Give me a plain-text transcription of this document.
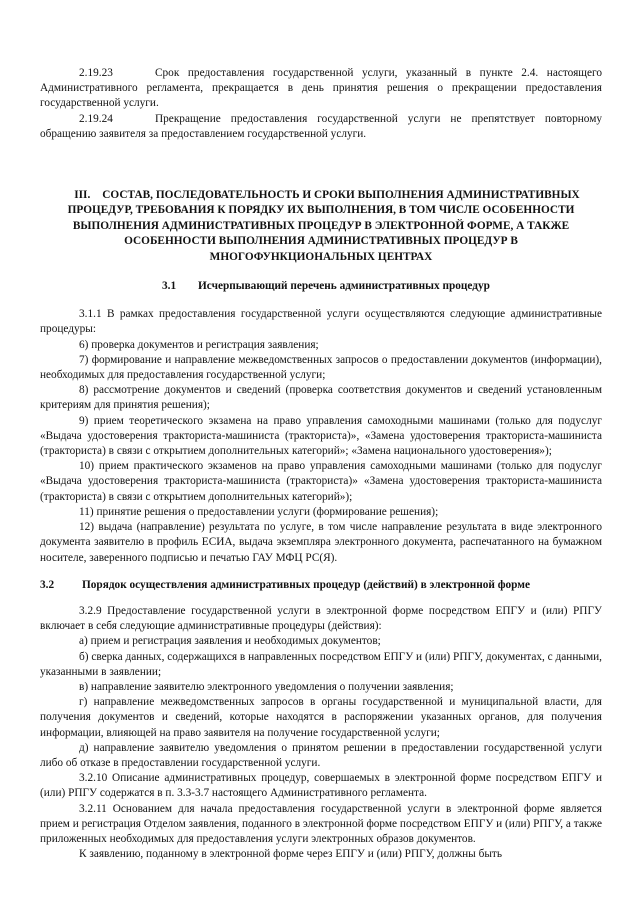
2.19.23	Срок предоставления государственной услуги, указанный в пункте 2.4. настоящего Административного регламента, прекращается в день принятия решения о прекращении предоставления государственной услуги.

2.19.24	Прекращение предоставления государственной услуги не препятствует повторному обращению заявителя за предоставлением государственной услуги.

III. СОСТАВ, ПОСЛЕДОВАТЕЛЬНОСТЬ И СРОКИ ВЫПОЛНЕНИЯ АДМИНИСТРАТИВНЫХ ПРОЦЕДУР, ТРЕБОВАНИЯ К ПОРЯДКУ ИХ ВЫПОЛНЕНИЯ, В ТОМ ЧИСЛЕ ОСОБЕННОСТИ ВЫПОЛНЕНИЯ АДМИНИСТРАТИВНЫХ ПРОЦЕДУР В ЭЛЕКТРОННОЙ ФОРМЕ, А ТАКЖЕ ОСОБЕННОСТИ ВЫПОЛНЕНИЯ АДМИНИСТРАТИВНЫХ ПРОЦЕДУР В МНОГОФУНКЦИОНАЛЬНЫХ ЦЕНТРАХ

3.1 Исчерпывающий перечень административных процедур

3.1.1 В рамках предоставления государственной услуги осуществляются следующие административные процедуры:

6) проверка документов и регистрация заявления;

7) формирование и направление межведомственных запросов о предоставлении документов (информации), необходимых для предоставления государственной услуги;

8) рассмотрение документов и сведений (проверка соответствия документов и сведений установленным критериям для принятия решения);

9) прием теоретического экзамена на право управления самоходными машинами (только для подуслуг «Выдача удостоверения тракториста-машиниста (тракториста)», «Замена удостоверения тракториста-машиниста (тракториста) в связи с открытием дополнительных категорий»; «Замена национального удостоверения»);

10) прием практического экзаменов на право управления самоходными машинами (только для подуслуг «Выдача удостоверения тракториста-машиниста (тракториста)» «Замена удостоверения тракториста-машиниста (тракториста) в связи с открытием дополнительных категорий»);

11) принятие решения о предоставлении услуги (формирование решения);

12) выдача (направление) результата по услуге, в том числе направление результата в виде электронного документа заявителю в профиль ЕСИА, выдача экземпляра электронного документа, распечатанного на бумажном носителе, заверенного подписью и печатью ГАУ МФЦ РС(Я).

3.2 Порядок осуществления административных процедур (действий) в электронной форме

3.2.9 Предоставление государственной услуги в электронной форме посредством ЕПГУ и (или) РПГУ включает в себя следующие административные процедуры (действия):

а) прием и регистрация заявления и необходимых документов;

б) сверка данных, содержащихся в направленных посредством ЕПГУ и (или) РПГУ, документах, с данными, указанными в заявлении;

в) направление заявителю электронного уведомления о получении заявления;

г) направление межведомственных запросов в органы государственной и муниципальной власти, для получения документов и сведений, которые находятся в распоряжении указанных органов, для получения информации, влияющей на право заявителя на получение государственной услуги;

д) направление заявителю уведомления о принятом решении в предоставлении государственной услуги либо об отказе в предоставлении государственной услуги.

3.2.10 Описание административных процедур, совершаемых в электронной форме посредством ЕПГУ и (или) РПГУ содержатся в п. 3.3-3.7 настоящего Административного регламента.

3.2.11 Основанием для начала предоставления государственной услуги в электронной форме является прием и регистрация Отделом заявления, поданного в электронной форме посредством ЕПГУ и (или) РПГУ, а также приложенных необходимых для предоставления услуги электронных образов документов.

К заявлению, поданному в электронной форме через ЕПГУ и (или) РПГУ, должны быть
